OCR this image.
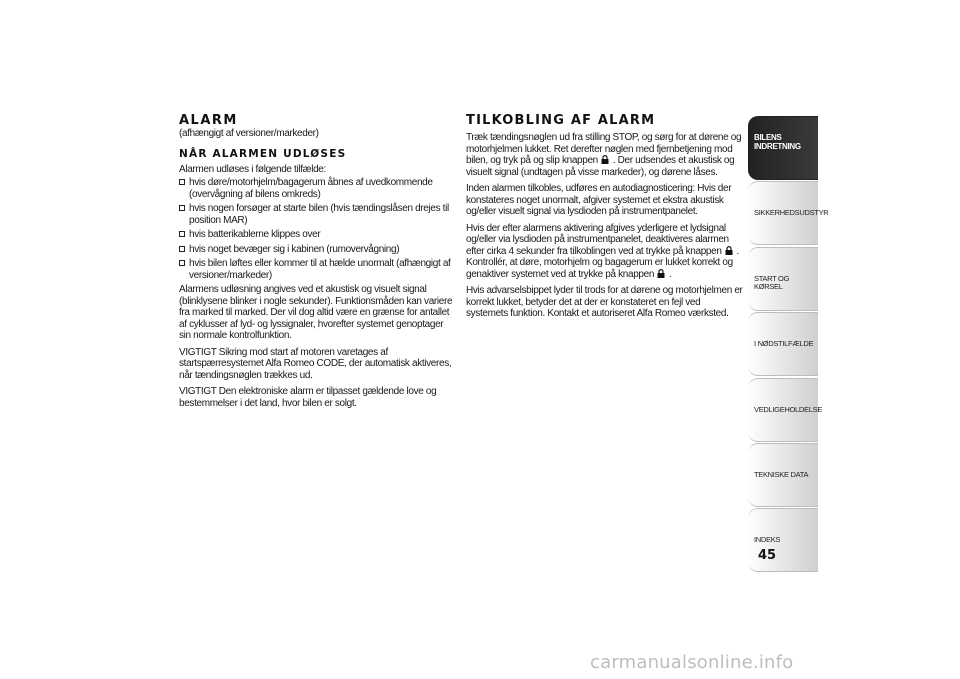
ALARM

(afhængigt af versioner/markeder)

NÅR ALARMEN UDLØSES

Alarmen udløses i følgende tilfælde:

hvis døre/motorhjelm/bagagerum åbnes af uvedkommende (overvågning af bilens omkreds)
hvis nogen forsøger at starte bilen (hvis tændingslåsen drejes til position MAR)
hvis batterikablerne klippes over
hvis noget bevæger sig i kabinen (rumovervågning)
hvis bilen løftes eller kommer til at hælde unormalt (afhængigt af versioner/markeder)

Alarmens udløsning angives ved et akustisk og visuelt signal (blinklysene blinker i nogle sekunder). Funktionsmåden kan variere fra marked til marked. Der vil dog altid være en grænse for antallet af cyklusser af lyd- og lyssignaler, hvorefter systemet genoptager sin normale kontrolfunktion.

VIGTIGT Sikring mod start af motoren varetages af startspærresystemet Alfa Romeo CODE, der automatisk aktiveres, når tændingsnøglen trækkes ud.

VIGTIGT Den elektroniske alarm er tilpasset gældende love og bestemmelser i det land, hvor bilen er solgt.

TILKOBLING AF ALARM

Træk tændingsnøglen ud fra stilling STOP, og sørg for at dørene og motorhjelmen lukket. Ret derefter nøglen med fjernbetjening mod bilen, og tryk på og slip knappen . Der udsendes et akustisk og visuelt signal (undtagen på visse markeder), og dørene låses.

Inden alarmen tilkobles, udføres en autodiagnosticering: Hvis der konstateres noget unormalt, afgiver systemet et ekstra akustisk og/eller visuelt signal via lysdioden på instrumentpanelet.

Hvis der efter alarmens aktivering afgives yderligere et lydsignal og/eller via lysdioden på instrumentpanelet, deaktiveres alarmen efter cirka 4 sekunder fra tilkoblingen ved at trykke på knappen . Kontrollér, at døre, motorhjelm og bagagerum er lukket korrekt og genaktiver systemet ved at trykke på knappen .

Hvis advarselsbippet lyder til trods for at dørene og motorhjelmen er korrekt lukket, betyder det at der er konstateret en fejl ved systemets funktion. Kontakt et autoriseret Alfa Romeo værksted.

BILENS INDRETNING
SIKKERHEDSUDSTYR
START OG KØRSEL
I NØDSTILFÆLDE
VEDLIGEHOLDELSE
TEKNISKE DATA
INDEKS
45
carmanualsonline.info
